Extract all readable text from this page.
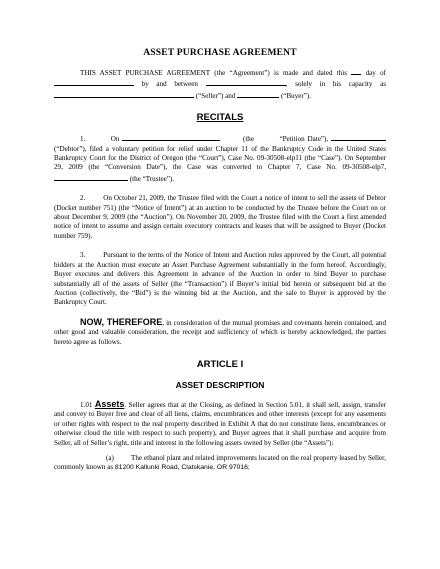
ASSET PURCHASE AGREEMENT

THIS ASSET PURCHASE AGREEMENT (the “Agreement”) is made and dated this	day of  by and between	, solely in his capacity as  (“Seller”) and	(“Buyer”).

RECITALS

1.	On	(the	“Petition Date”), (“Debtor”), filed a voluntary petition for relief under Chapter 11 of the Bankruptcy Code in the United States Bankruptcy Court for the District of Oregon (the “Court”), Case No. 09-30508-elp11 (the “Case”). On September 29, 2009 (the “Conversion Date”), the Case was converted to Chapter 7, Case No. 09-30508-elp7,  (the “Trustee”).

2.	On October 21, 2009, the Trustee filed with the Court a notice of intent to sell the assets of Debtor (Docket number 751) (the “Notice of Intent”) at an auction to be conducted by the Trustee before the Court on or about December 9, 2009 (the “Auction”). On November 20, 2009, the Trustee filed with the Court a first amended notice of intent to assume and assign certain executory contracts and leases that will be assigned to Buyer (Docket number 759).

3.	Pursuant to the terms of the Notice of Intent and Auction rules approved by the Court, all potential bidders at the Auction must execute an Asset Purchase Agreement substantially in the form hereof. Accordingly, Buyer executes and delivers this Agreement in advance of the Auction in order to bind Buyer to purchase substantially all of the assets of Seller (the “Transaction”) if Buyer’s initial bid herein or subsequent bid at the Auction (collectively, the “Bid”) is the winning bid at the Auction, and the sale to Buyer is approved by the Bankruptcy Court.

NOW, THEREFORE, in consideration of the mutual promises and covenants herein contained, and other good and valuable consideration, the receipt and sufficiency of which is hereby acknowledged, the parties hereto agree as follows.

ARTICLE I
ASSET DESCRIPTION

1.01 Assets. Seller agrees that at the Closing, as defined in Section 5.01, it shall sell, assign, transfer and convey to Buyer free and clear of all liens, claims, encumbrances and other interests (except for any easements or other rights with respect to the real property described in Exhibit A that do not constitute liens, encumbrances or otherwise cloud the title with respect to such property), and Buyer agrees that it shall purchase and acquire from Seller, all of Seller’s right, title and interest in the following assets owned by Seller (the “Assets”):

(a) The ethanol plant and related improvements located on the real property leased by Seller, commonly known as 81200 Kallunki Road, Clatskanie, OR 97016;
